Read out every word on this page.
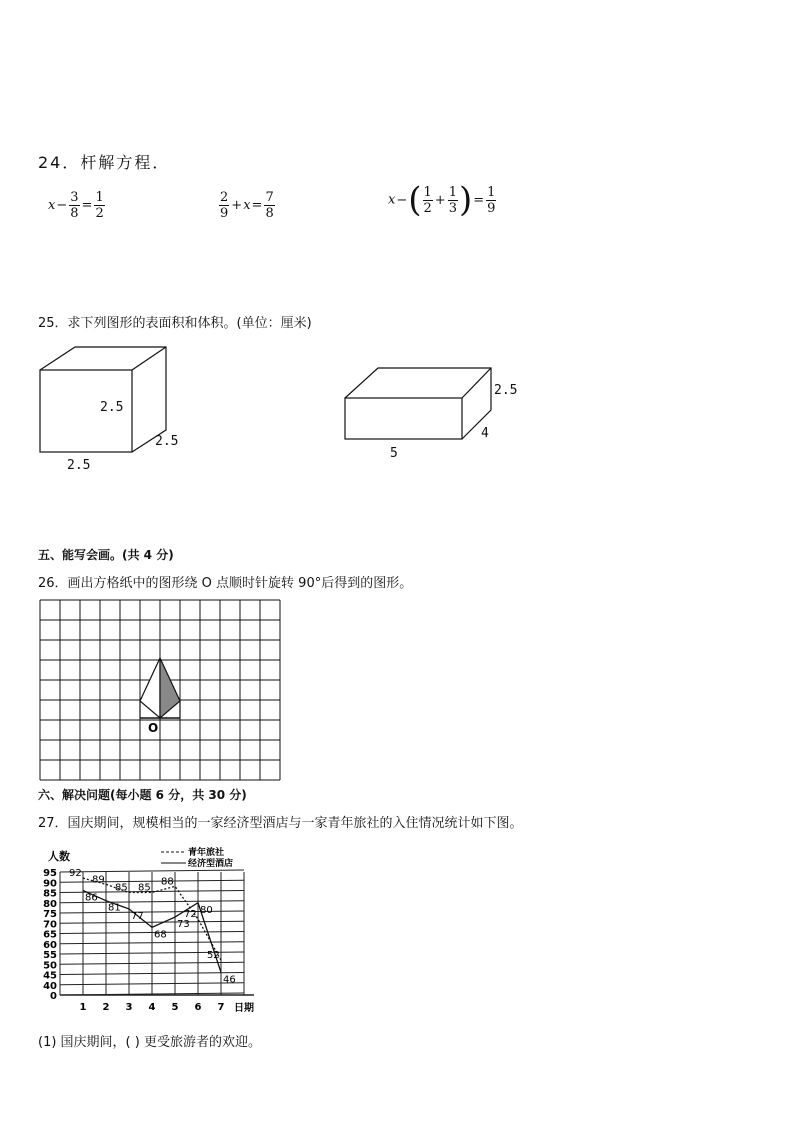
24．杆解方程．
$x- \frac{3}{8} = \frac{1}{2}$	$\frac{2}{9} +x= \frac{7}{8}$	$x-( \frac{1}{2} + \frac{1}{3}$ )= $\frac{1}{9}$
25．求下列图形的表面积和体积。(单位：厘米)
2.5
2.5
2.5
2.5
4
5
五、能写会画。(共 4 分)
26．画出方格纸中的图形绕 O 点顺时针旋转 90°后得到的图形。
O
六、解决问题(每小题 6 分，共 30 分)
27．国庆期间，规模相当的一家经济型酒店与一家青年旅社的入住情况统计如下图。
人数	青年旅社
经济型酒店
0
40
45
50
55
60
65
70
75
80
85
90
95
1 2 3 4 5 6 7
92
89
85 85
88
72
52
86
81
77
68
73
80
46
日期
(1) 国庆期间，( ) 更受旅游者的欢迎。
